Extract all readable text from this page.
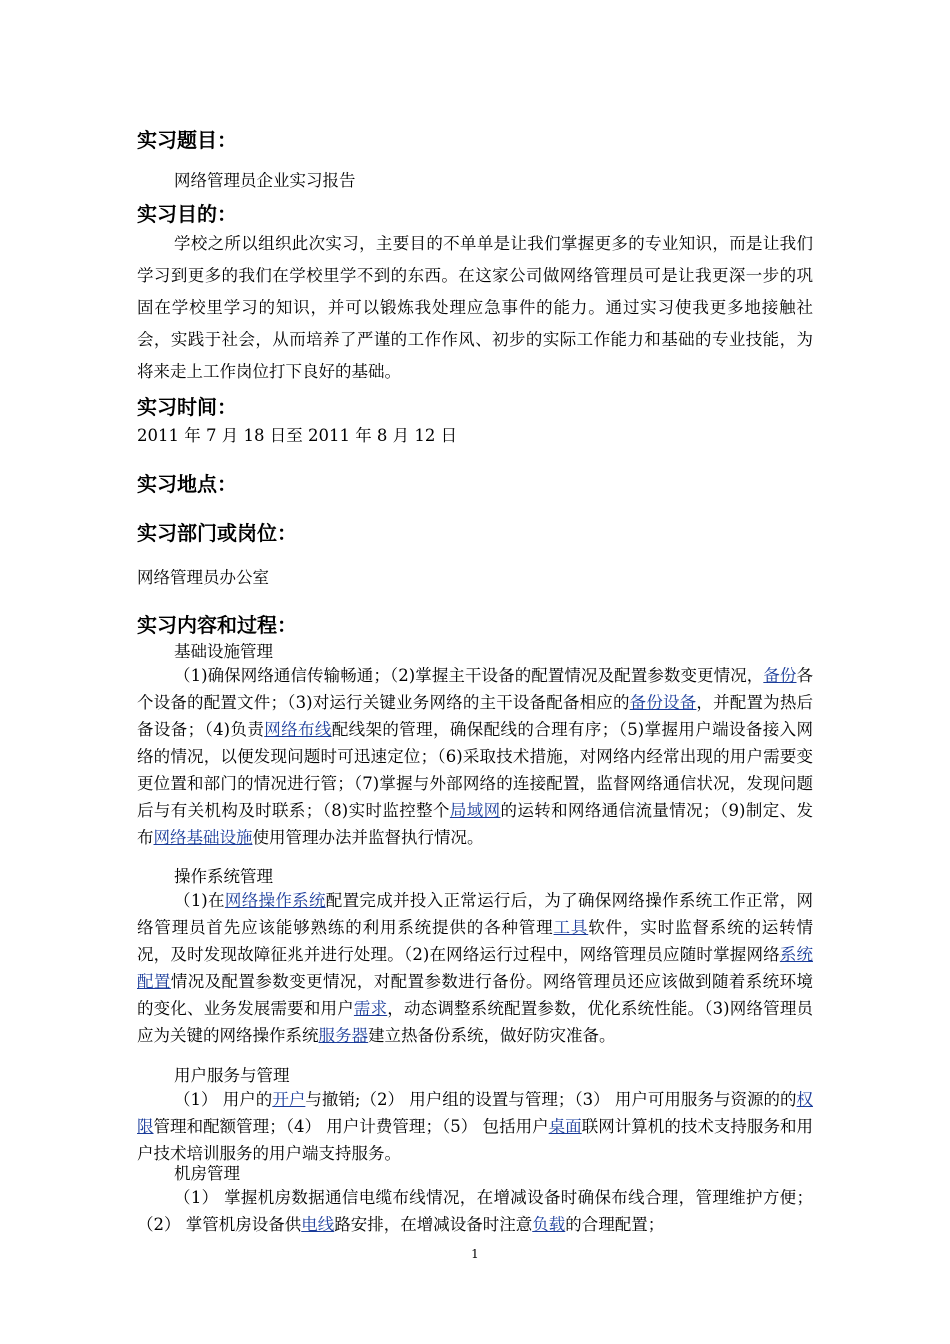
实习题目：
网络管理员企业实习报告
实习目的：

学校之所以组织此次实习，主要目的不单单是让我们掌握更多的专业知识，而是让我们学习到更多的我们在学校里学不到的东西。在这家公司做网络管理员可是让我更深一步的巩固在学校里学习的知识，并可以锻炼我处理应急事件的能力。通过实习使我更多地接触社会，实践于社会，从而培养了严谨的工作作风、初步的实际工作能力和基础的专业技能，为将来走上工作岗位打下良好的基础。

实习时间：
2011 年 7 月 18 日至 2011 年 8 月 12 日
实习地点：
实习部门或岗位：
网络管理员办公室
实习内容和过程：
基础设施管理

（1)确保网络通信传输畅通；（2)掌握主干设备的配置情况及配置参数变更情况，备份各个设备的配置文件；（3)对运行关键业务网络的主干设备配备相应的备份设备，并配置为热后备设备；（4)负责网络布线配线架的管理，确保配线的合理有序；（5)掌握用户端设备接入网络的情况，以便发现问题时可迅速定位；（6)采取技术措施，对网络内经常出现的用户需要变更位置和部门的情况进行管；（7)掌握与外部网络的连接配置，监督网络通信状况，发现问题后与有关机构及时联系；（8)实时监控整个局域网的运转和网络通信流量情况；（9)制定、发布网络基础设施使用管理办法并监督执行情况。

操作系统管理

（1)在网络操作系统配置完成并投入正常运行后，为了确保网络操作系统工作正常，网络管理员首先应该能够熟练的利用系统提供的各种管理工具软件，实时监督系统的运转情况，及时发现故障征兆并进行处理。（2)在网络运行过程中，网络管理员应随时掌握网络系统配置情况及配置参数变更情况，对配置参数进行备份。网络管理员还应该做到随着系统环境的变化、业务发展需要和用户需求，动态调整系统配置参数，优化系统性能。（3)网络管理员应为关键的网络操作系统服务器建立热备份系统，做好防灾准备。

用户服务与管理

（1） 用户的开户与撤销;（2） 用户组的设置与管理；（3） 用户可用服务与资源的的权限管理和配额管理；（4） 用户计费管理；（5） 包括用户桌面联网计算机的技术支持服务和用户技术培训服务的用户端支持服务。

机房管理

（1） 掌握机房数据通信电缆布线情况，在增减设备时确保布线合理，管理维护方便；（2） 掌管机房设备供电线路安排，在增减设备时注意负载的合理配置；

1
